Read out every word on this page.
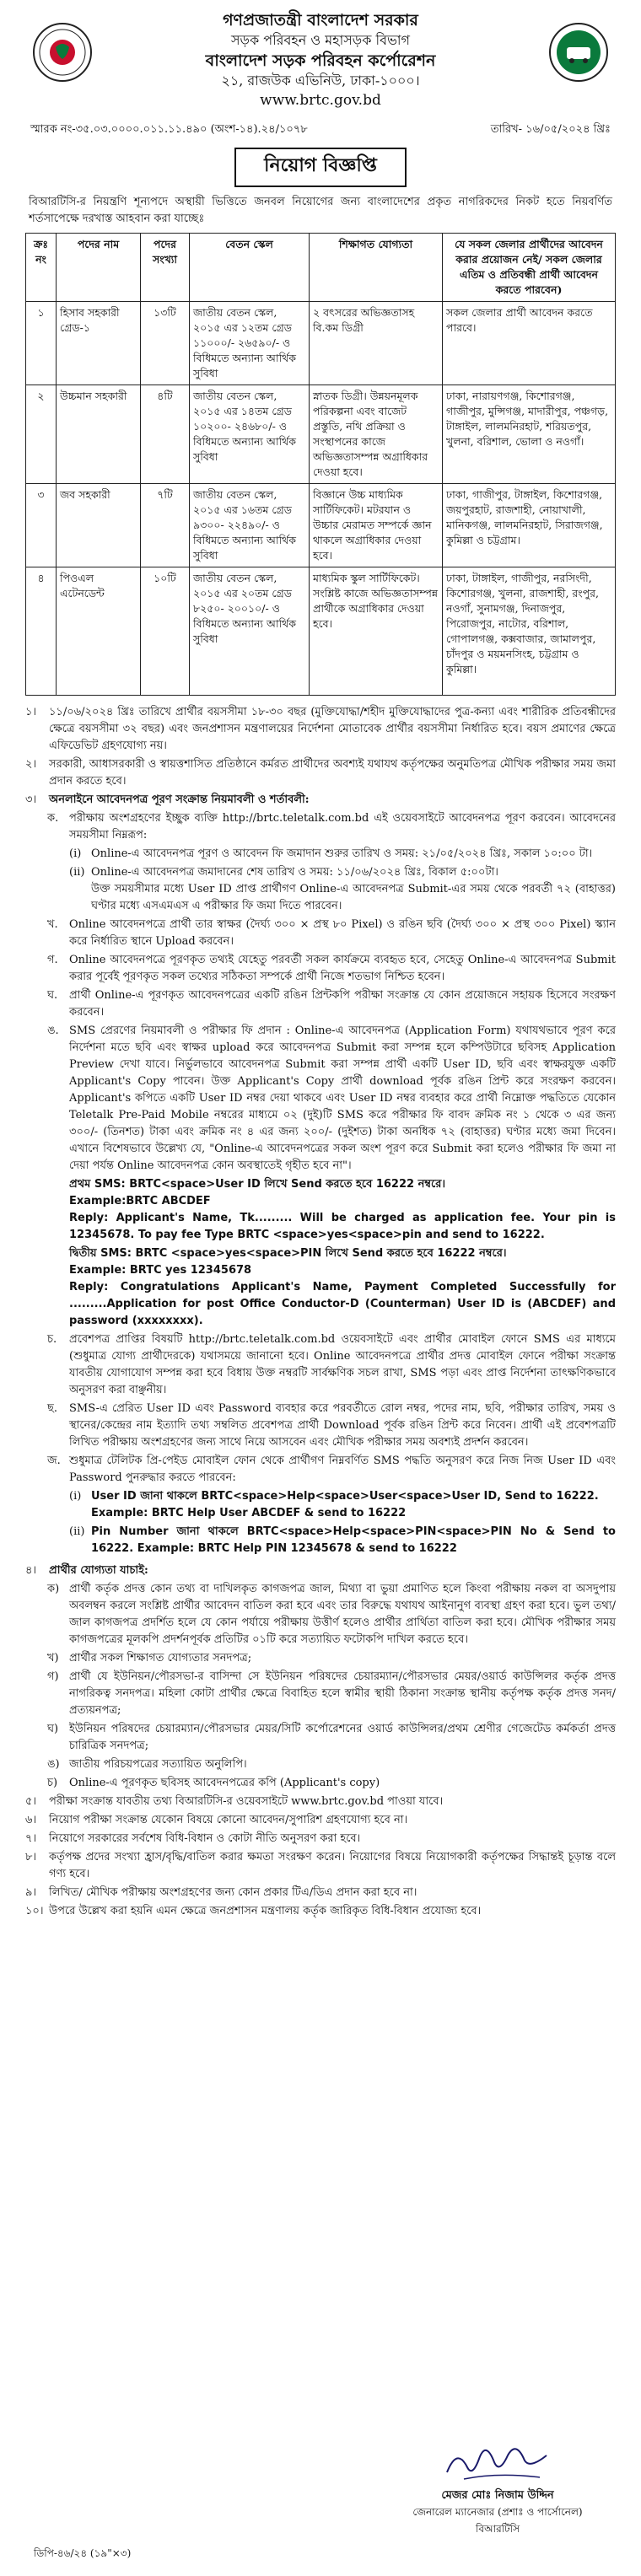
গণপ্রজাতন্ত্রী বাংলাদেশ সরকার
সড়ক পরিবহন ও মহাসড়ক বিভাগ
বাংলাদেশ সড়ক পরিবহন কর্পোরেশন
২১, রাজউক এভিনিউ, ঢাকা-১০০০।
www.brtc.gov.bd
স্মারক নং-৩৫.০৩.০০০০.০১১.১১.৪৯০ (অংশ-১৪).২৪/১০৭৮	তারিখ- ১৬/০৫/২০২৪ খ্রিঃ
নিয়োগ বিজ্ঞপ্তি
বিআরটিসি-র নিয়ন্ত্রণি শূন্যপদে অস্থায়ী ভিত্তিতে জনবল নিয়োগের জন্য বাংলাদেশের প্রকৃত নাগরিকদের নিকট হতে নিয়বর্ণিত শর্তসাপেক্ষে দরখাস্ত আহবান করা যাচ্ছেঃ
ক্রঃ নং	পদের নাম	পদের সংখ্যা	বেতন স্কেল	শিক্ষাগত যোগ্যতা	যে সকল জেলার প্রার্থীদের আবেদন করার প্রয়োজন নেই/ সকল জেলার এতিম ও প্রতিবন্ধী প্রার্থী আবেদন করতে পারবেন)
১	হিসাব সহকারী গ্রেড-১	১৩টি	জাতীয় বেতন স্কেল, ২০১৫ এর ১২তম গ্রেড ১১০০০/- ২৬৫৯০/- ও বিধিমতে অন্যান্য আর্থিক সুবিধা	২ বৎসরের অভিজ্ঞতাসহ বি.কম ডিগ্রী	সকল জেলার প্রার্থী আবেদন করতে পারবে।
২	উচ্চমান সহকারী	৪টি	জাতীয় বেতন স্কেল, ২০১৫ এর ১৪তম গ্রেড ১০২০০- ২৪৬৮০/- ও বিধিমতে অন্যান্য আর্থিক সুবিধা	স্নাতক ডিগ্রী। উন্নয়নমূলক পরিকল্পনা এবং বাজেট প্রস্তুতি, নথি প্রক্রিয়া ও সংস্থাপনের কাজে অভিজ্ঞতাসম্পন্ন অগ্রাধিকার দেওয়া হবে।	ঢাকা, নারায়ণগঞ্জ, কিশোরগঞ্জ, গাজীপুর, মুন্সিগঞ্জ, মাদারীপুর, পঞ্চগড়, টাঙ্গাইল, লালমনিরহাট, শরিয়তপুর, খুলনা, বরিশাল, ভোলা ও নওগাঁ।
৩	জব সহকারী	৭টি	জাতীয় বেতন স্কেল, ২০১৫ এর ১৬তম গ্রেড ৯৩০০- ২২৪৯০/- ও বিধিমতে অন্যান্য আর্থিক সুবিধা	বিজ্ঞানে উচ্চ মাধ্যমিক সার্টিফিকেট। মটরযান ও উচ্চার মেরামত সম্পর্কে জ্ঞান থাকলে অগ্রাধিকার দেওয়া হবে।	ঢাকা, গাজীপুর, টাঙ্গাইল, কিশোরগঞ্জ, জয়পুরহাট, রাজশাহী, নোয়াখালী, মানিকগঞ্জ, লালমনিরহাট, সিরাজগঞ্জ, কুমিল্লা ও চট্টগ্রাম।
৪	পিওএল এটেনডেন্ট	১০টি	জাতীয় বেতন স্কেল, ২০১৫ এর ২০তম গ্রেড ৮২৫০- ২০০১০/- ও বিধিমতে অন্যান্য আর্থিক সুবিধা	মাধ্যমিক স্কুল সার্টিফিকেট। সংশ্লিষ্ট কাজে অভিজ্ঞতাসম্পন্ন প্রার্থীকে অগ্রাধিকার দেওয়া হবে।	ঢাকা, টাঙ্গাইল, গাজীপুর, নরসিংদী, কিশোরগঞ্জ, খুলনা, রাজশাহী, রংপুর, নওগাঁ, সুনামগঞ্জ, দিনাজপুর, পিরোজপুর, নাটোর, বরিশাল, গোপালগঞ্জ, কক্সবাজার, জামালপুর, চাঁদপুর ও ময়মনসিংহ, চট্টগ্রাম ও কুমিল্লা।
১।	১১/০৬/২০২৪ খ্রিঃ তারিখে প্রার্থীর বয়সসীমা ১৮-৩০ বছর (মুক্তিযোদ্ধা/শহীদ মুক্তিযোদ্ধাদের পুত্র-কন্যা এবং শারীরিক প্রতিবন্ধীদের ক্ষেত্রে বয়সসীমা ৩২ বছর) এবং জনপ্রশাসন মন্ত্রণালয়ের নির্দেশনা মোতাবেক প্রার্থীর বয়সসীমা নির্ধারিত হবে। বয়স প্রমাণের ক্ষেত্রে এফিডেভিট গ্রহণযোগ্য নয়।
২।	সরকারী, আধাসরকারী ও স্বায়ত্তশাসিত প্রতিষ্ঠানে কর্মরত প্রার্থীদের অবশ্যই যথাযথ কর্তৃপক্ষের অনুমতিপত্র মৌখিক পরীক্ষার সময় জমা প্রদান করতে হবে।
৩।	অনলাইনে আবেদনপত্র পূরণ সংক্রান্ত নিয়মাবলী ও শর্তাবলী:
ক. পরীক্ষায় অংশগ্রহণের ইচ্ছুক ব্যক্তি http://brtc.teletalk.com.bd এই ওয়েবসাইটে আবেদনপত্র পূরণ করবেন। আবেদনের সময়সীমা নিম্নরূপ:
(i) Online-এ আবেদনপত্র পূরণ ও আবেদন ফি জমাদান শুরুর তারিখ ও সময়: ২১/০৫/২০২৪ খ্রিঃ, সকাল ১০:০০ টা।
(ii) Online-এ আবেদনপত্র জমাদানের শেষ তারিখ ও সময়: ১১/০৬/২০২৪ খ্রিঃ, বিকাল ৫:০০টা।
উক্ত সময়সীমার মধ্যে User ID প্রাপ্ত প্রার্থীগণ Online-এ আবেদনপত্র Submit-এর সময় থেকে পরবর্তী ৭২ (বাহাত্তর) ঘণ্টার মধ্যে এসএমএস এ পরীক্ষার ফি জমা দিতে পারবেন।
খ.	Online আবেদনপত্রে প্রার্থী তার স্বাক্ষর (দৈর্ঘ্য ৩০০ × প্রস্থ ৮০ Pixel) ও রঙিন ছবি (দৈর্ঘ্য ৩০০ × প্রস্থ ৩০০ Pixel) স্ক্যান করে নির্ধারিত স্থানে Upload করবেন।
গ.	Online আবেদনপত্রে পূরণকৃত তথ্যই যেহেতু পরবর্তী সকল কার্যক্রমে ব্যবহৃত হবে, সেহেতু Online-এ আবেদনপত্র Submit করার পূর্বেই পূরণকৃত সকল তথ্যের সঠিকতা সম্পর্কে প্রার্থী নিজে শতভাগ নিশ্চিত হবেন।
ঘ.	প্রার্থী Online-এ পূরণকৃত আবেদনপত্রের একটি রঙিন প্রিন্টকপি পরীক্ষা সংক্রান্ত যে কোন প্রয়োজনে সহায়ক হিসেবে সংরক্ষণ করবেন।
ঙ. SMS প্রেরণের নিয়মাবলী ও পরীক্ষার ফি প্রদান : Online-এ আবেদনপত্র (Application Form) যথাযথভাবে পূরণ করে নির্দেশনা মতে ছবি এবং স্বাক্ষর upload করে আবেদনপত্র Submit করা সম্পন্ন হলে কম্পিউটারে ছবিসহ Application Preview দেখা যাবে। নির্ভুলভাবে আবেদনপত্র Submit করা সম্পন্ন প্রার্থী একটি User ID, ছবি এবং স্বাক্ষরযুক্ত একটি Applicant's Copy পাবেন। উক্ত Applicant's Copy প্রার্থী download পূর্বক রঙিন প্রিন্ট করে সংরক্ষণ করবেন। Applicant's কপিতে একটি User ID নম্বর দেয়া থাকবে এবং User ID নম্বর ব্যবহার করে প্রার্থী নিম্নোক্ত পদ্ধতিতে যেকোন Teletalk Pre-Paid Mobile নম্বরের মাধ্যমে ০২ (দুই)টি SMS করে পরীক্ষার ফি বাবদ ক্রমিক নং ১ থেকে ৩ এর জন্য ৩০০/- (তিনশত) টাকা এবং ক্রমিক নং ৪ এর জন্য ২০০/- (দুইশত) টাকা অনধিক ৭২ (বাহাত্তর) ঘণ্টার মধ্যে জমা দিবেন। এখানে বিশেষভাবে উল্লেখ্য যে, "Online-এ আবেদনপত্রের সকল অংশ পূরণ করে Submit করা হলেও পরীক্ষার ফি জমা না দেয়া পর্যন্ত Online আবেদনপত্র কোন অবস্থাতেই গৃহীত হবে না"।
প্রথম SMS: BRTC<space>User ID লিখে Send করতে হবে 16222 নম্বরে।
Example:BRTC ABCDEF
Reply: Applicant's Name, Tk......... Will be charged as application fee. Your pin is 12345678. To pay fee Type BRTC <space>yes<space>pin and send to 16222.
দ্বিতীয় SMS: BRTC <space>yes<space>PIN লিখে Send করতে হবে 16222 নম্বরে।
Example: BRTC yes 12345678
Reply: Congratulations Applicant's Name, Payment Completed Successfully for .........Application for post Office Conductor-D (Counterman) User ID is (ABCDEF) and password (xxxxxxxx).
চ.	প্রবেশপত্র প্রাপ্তির বিষয়টি http://brtc.teletalk.com.bd ওয়েবসাইটে এবং প্রার্থীর মোবাইল ফোনে SMS এর মাধ্যমে (শুধুমাত্র যোগ্য প্রার্থীদেরকে) যথাসময়ে জানানো হবে। Online আবেদনপত্রে প্রার্থীর প্রদত্ত মোবাইল ফোনে পরীক্ষা সংক্রান্ত যাবতীয় যোগাযোগ সম্পন্ন করা হবে বিধায় উক্ত নম্বরটি সার্বক্ষণিক সচল রাখা, SMS পড়া এবং প্রাপ্ত নির্দেশনা তাৎক্ষণিকভাবে অনুসরণ করা বাঞ্ছনীয়।
ছ.	SMS-এ প্রেরিত User ID এবং Password ব্যবহার করে পরবর্তীতে রোল নম্বর, পদের নাম, ছবি, পরীক্ষার তারিখ, সময় ও স্থানের/কেন্দ্রের নাম ইত্যাদি তথ্য সম্বলিত প্রবেশপত্র প্রার্থী Download পূর্বক রঙিন প্রিন্ট করে নিবেন। প্রার্থী এই প্রবেশপত্রটি লিখিত পরীক্ষায় অংশগ্রহণের জন্য সাথে নিয়ে আসবেন এবং মৌখিক পরীক্ষার সময় অবশ্যই প্রদর্শন করবেন।
জ. শুধুমাত্র টেলিটক প্রি-পেইড মোবাইল ফোন থেকে প্রার্থীগণ নিম্নবর্ণিত SMS পদ্ধতি অনুসরণ করে নিজ নিজ User ID এবং Password পুনরুদ্ধার করতে পারবেন:
(i) User ID জানা থাকলে BRTC<space>Help<space>User<space>User ID, Send to 16222.
Example: BRTC Help User ABCDEF & send to 16222
(ii) Pin Number জানা থাকলে BRTC<space>Help<space>PIN<space>PIN No & Send to 16222. Example: BRTC Help PIN 12345678 & send to 16222
৪।	প্রার্থীর যোগ্যতা যাচাই:
ক) প্রার্থী কর্তৃক প্রদত্ত কোন তথ্য বা দাখিলকৃত কাগজপত্র জাল, মিথ্যা বা ভুয়া প্রমাণিত হলে কিংবা পরীক্ষায় নকল বা অসদুপায় অবলম্বন করলে সংশ্লিষ্ট প্রার্থীর আবেদন বাতিল করা হবে এবং তার বিরুদ্ধে যথাযথ আইনানুগ ব্যবস্থা গ্রহণ করা হবে। ভুল তথ্য/জাল কাগজপত্র প্রদর্শিত হলে যে কোন পর্যায়ে পরীক্ষায় উত্তীর্ণ হলেও প্রার্থীর প্রার্থিতা বাতিল করা হবে। মৌখিক পরীক্ষার সময় কাগজপত্রের মূলকপি প্রদর্শনপূর্বক প্রতিটির ০১টি করে সত্যায়িত ফটোকপি দাখিল করতে হবে।
খ) প্রার্থীর সকল শিক্ষাগত যোগ্যতার সনদপত্র;
গ) প্রার্থী যে ইউনিয়ন/পৌরসভা-র বাসিন্দা সে ইউনিয়ন পরিষদের চেয়ারম্যান/পৌরসভার মেয়র/ওয়ার্ড কাউন্সিলর কর্তৃক প্রদত্ত নাগরিকত্ব সনদপত্র। মহিলা কোটা প্রার্থীর ক্ষেত্রে বিবাহিত হলে স্বামীর স্থায়ী ঠিকানা সংক্রান্ত স্থানীয় কর্তৃপক্ষ কর্তৃক প্রদত্ত সনদ/প্রত্যয়নপত্র;
ঘ) ইউনিয়ন পরিষদের চেয়ারম্যান/পৌরসভার মেয়র/সিটি কর্পোরেশনের ওয়ার্ড কাউন্সিলর/প্রথম শ্রেণীর গেজেটেড কর্মকর্তা প্রদত্ত চারিত্রিক সনদপত্র;
ঙ) জাতীয় পরিচয়পত্রের সত্যায়িত অনুলিপি।
চ)	Online-এ পূরণকৃত ছবিসহ আবেদনপত্রের কপি (Applicant's copy)
৫।	পরীক্ষা সংক্রান্ত যাবতীয় তথ্য বিআরটিসি-র ওয়েবসাইটে www.brtc.gov.bd পাওয়া যাবে।
৬।	নিয়োগ পরীক্ষা সংক্রান্ত যেকোন বিষয়ে কোনো আবেদন/সুপারিশ গ্রহণযোগ্য হবে না।
৭।	নিয়োগে সরকারের সর্বশেষ বিধি-বিধান ও কোটা নীতি অনুসরণ করা হবে।
৮।	কর্তৃপক্ষ প্রদের সংখ্যা হ্রাস/বৃদ্ধি/বাতিল করার ক্ষমতা সংরক্ষণ করেন। নিয়োগের বিষয়ে নিয়োগকারী কর্তৃপক্ষের সিদ্ধান্তই চূড়ান্ত বলে গণ্য হবে।
৯।	লিখিত/ মৌখিক পরীক্ষায় অংশগ্রহণের জন্য কোন প্রকার টিএ/ডিএ প্রদান করা হবে না।
১০। উপরে উল্লেখ করা হয়নি এমন ক্ষেত্রে জনপ্রশাসন মন্ত্রণালয় কর্তৃক জারিকৃত বিধি-বিধান প্রযোজ্য হবে।
মেজর মোঃ নিজাম উদ্দিন
জেনারেল ম্যানেজার (প্রশাঃ ও পার্সোনেল)
বিআরটিসি
ডিপি-৪৬/২৪ (১৯"×৩)
